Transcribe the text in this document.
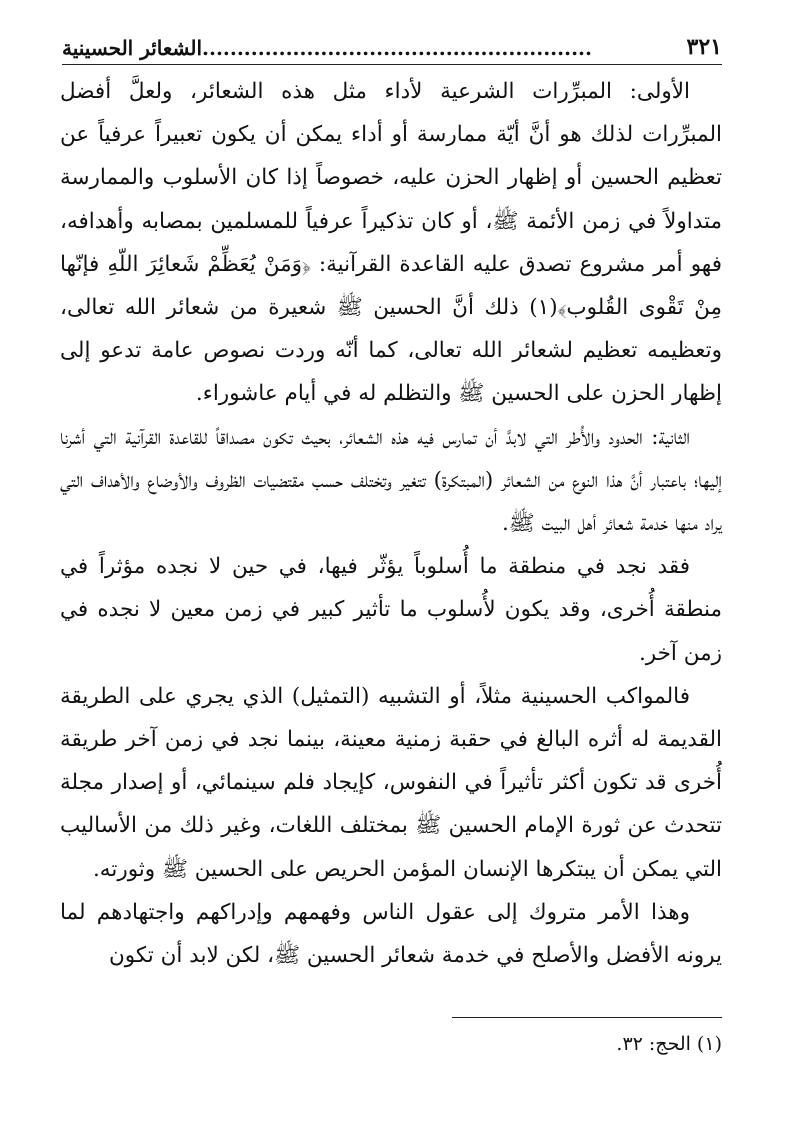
٣٢١
........................................................الشعائر الحسينية

الأولى: المبرِّرات الشرعية لأداء مثل هذه الشعائر، ولعلَّ أفضل المبرِّرات لذلك هو أنَّ أيّة ممارسة أو أداء يمكن أن يكون تعبيراً عرفياً عن تعظيم الحسين أو إظهار الحزن عليه، خصوصاً إذا كان الأسلوب والممارسة متداولاً في زمن الأئمة ﷺ، أو كان تذكيراً عرفياً للمسلمين بمصابه وأهدافه، فهو أمر مشروع تصدق عليه القاعدة القرآنية: ﴿وَمَنْ يُعَظِّمْ شَعائِرَ اللّهِ فإنّها مِنْ تَقْوى القُلوب﴾(١) ذلك أنَّ الحسين ﷺ شعيرة من شعائر الله تعالى، وتعظيمه تعظيم لشعائر الله تعالى، كما أنّه وردت نصوص عامة تدعو إلى إظهار الحزن على الحسين ﷺ والتظلم له في أيام عاشوراء.

الثانية: الحدود والأُطر التي لابدَّ أن تمارس فيه هذه الشعائر، بحيث تكون مصداقاً للقاعدة القرآنية التي أشرنا إليها؛ باعتبار أنَّ هذا النوع من الشعائر (المبتكرة) تتغير وتختلف حسب مقتضيات الظروف والأوضاع والأهداف التي يراد منها خدمة شعائر أهل البيت ﷺ.

فقد نجد في منطقة ما أُسلوباً يؤثّر فيها، في حين لا نجده مؤثراً في منطقة أُخرى، وقد يكون لأُسلوب ما تأثير كبير في زمن معين لا نجده في زمن آخر.

فالمواكب الحسينية مثلاً، أو التشبيه (التمثيل) الذي يجري على الطريقة القديمة له أثره البالغ في حقبة زمنية معينة، بينما نجد في زمن آخر طريقة أُخرى قد تكون أكثر تأثيراً في النفوس، كإيجاد فلم سينمائي، أو إصدار مجلة تتحدث عن ثورة الإمام الحسين ﷺ بمختلف اللغات، وغير ذلك من الأساليب التي يمكن أن يبتكرها الإنسان المؤمن الحريص على الحسين ﷺ وثورته.

وهذا الأمر متروك إلى عقول الناس وفهمهم وإدراكهم واجتهادهم لما يرونه الأفضل والأصلح في خدمة شعائر الحسين ﷺ، لكن لابد أن تكون

(١) الحج: ٣٢.
